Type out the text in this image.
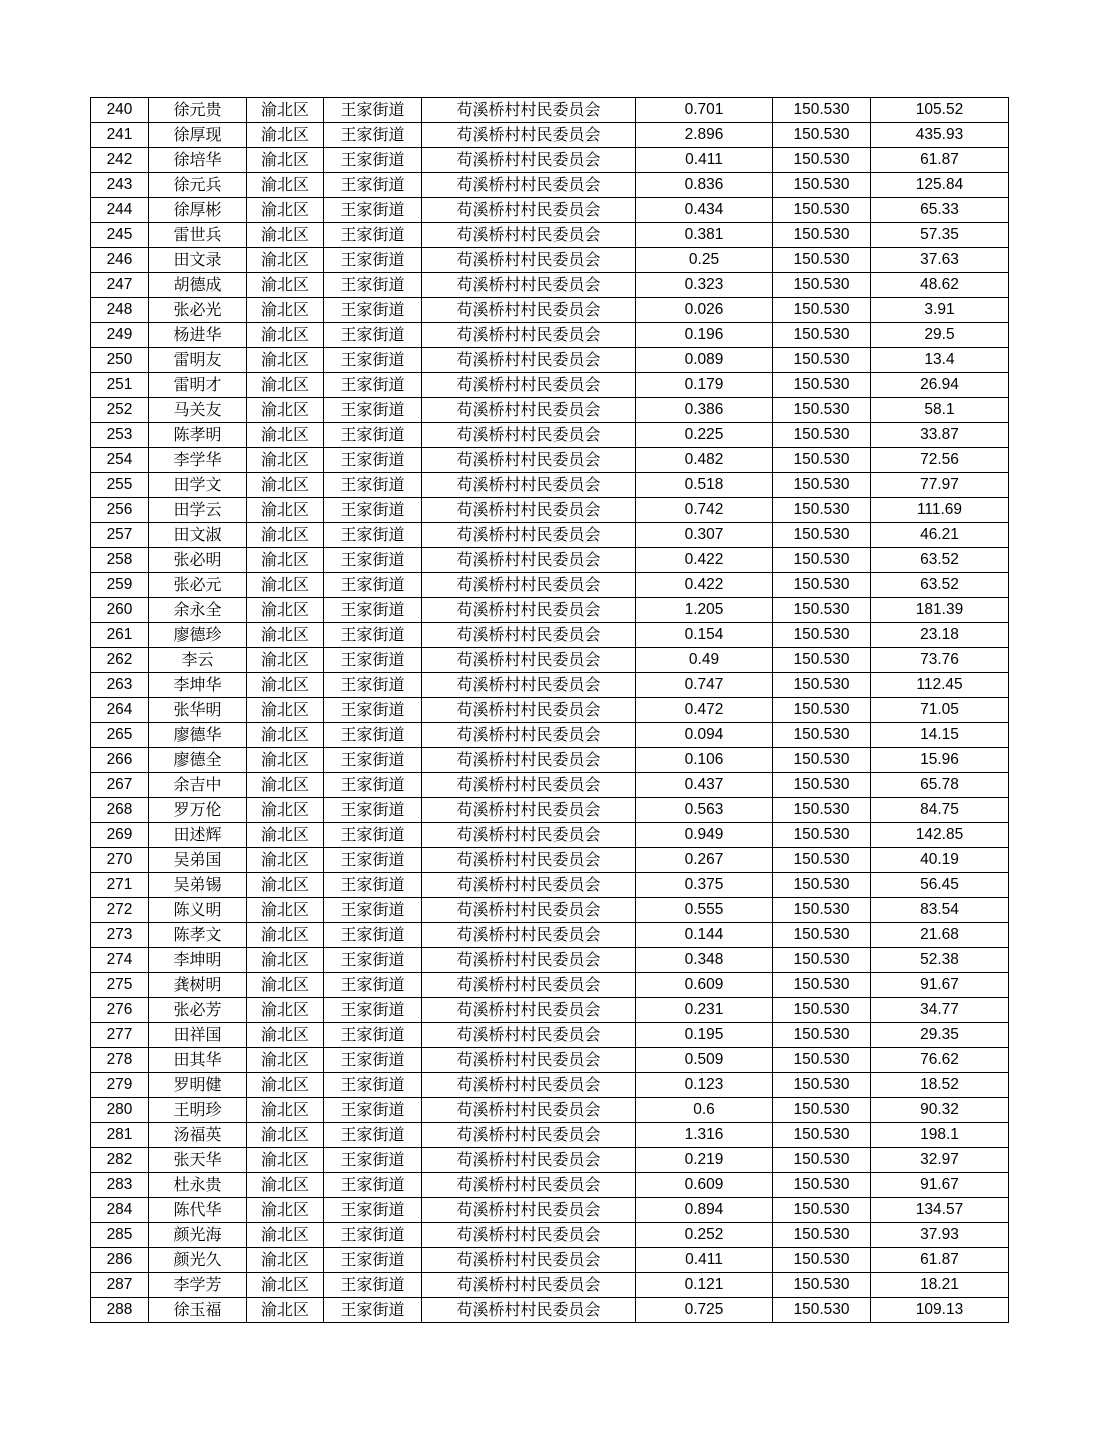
240	徐元贵	渝北区	王家街道	苟溪桥村村民委员会	0.701	150.530	105.52
241	徐厚现	渝北区	王家街道	苟溪桥村村民委员会	2.896	150.530	435.93
242	徐培华	渝北区	王家街道	苟溪桥村村民委员会	0.411	150.530	61.87
243	徐元兵	渝北区	王家街道	苟溪桥村村民委员会	0.836	150.530	125.84
244	徐厚彬	渝北区	王家街道	苟溪桥村村民委员会	0.434	150.530	65.33
245	雷世兵	渝北区	王家街道	苟溪桥村村民委员会	0.381	150.530	57.35
246	田文录	渝北区	王家街道	苟溪桥村村民委员会	0.25	150.530	37.63
247	胡德成	渝北区	王家街道	苟溪桥村村民委员会	0.323	150.530	48.62
248	张必光	渝北区	王家街道	苟溪桥村村民委员会	0.026	150.530	3.91
249	杨进华	渝北区	王家街道	苟溪桥村村民委员会	0.196	150.530	29.5
250	雷明友	渝北区	王家街道	苟溪桥村村民委员会	0.089	150.530	13.4
251	雷明才	渝北区	王家街道	苟溪桥村村民委员会	0.179	150.530	26.94
252	马关友	渝北区	王家街道	苟溪桥村村民委员会	0.386	150.530	58.1
253	陈孝明	渝北区	王家街道	苟溪桥村村民委员会	0.225	150.530	33.87
254	李学华	渝北区	王家街道	苟溪桥村村民委员会	0.482	150.530	72.56
255	田学文	渝北区	王家街道	苟溪桥村村民委员会	0.518	150.530	77.97
256	田学云	渝北区	王家街道	苟溪桥村村民委员会	0.742	150.530	111.69
257	田文淑	渝北区	王家街道	苟溪桥村村民委员会	0.307	150.530	46.21
258	张必明	渝北区	王家街道	苟溪桥村村民委员会	0.422	150.530	63.52
259	张必元	渝北区	王家街道	苟溪桥村村民委员会	0.422	150.530	63.52
260	余永全	渝北区	王家街道	苟溪桥村村民委员会	1.205	150.530	181.39
261	廖德珍	渝北区	王家街道	苟溪桥村村民委员会	0.154	150.530	23.18
262	李云	渝北区	王家街道	苟溪桥村村民委员会	0.49	150.530	73.76
263	李坤华	渝北区	王家街道	苟溪桥村村民委员会	0.747	150.530	112.45
264	张华明	渝北区	王家街道	苟溪桥村村民委员会	0.472	150.530	71.05
265	廖德华	渝北区	王家街道	苟溪桥村村民委员会	0.094	150.530	14.15
266	廖德全	渝北区	王家街道	苟溪桥村村民委员会	0.106	150.530	15.96
267	余吉中	渝北区	王家街道	苟溪桥村村民委员会	0.437	150.530	65.78
268	罗万伦	渝北区	王家街道	苟溪桥村村民委员会	0.563	150.530	84.75
269	田述辉	渝北区	王家街道	苟溪桥村村民委员会	0.949	150.530	142.85
270	吴弟国	渝北区	王家街道	苟溪桥村村民委员会	0.267	150.530	40.19
271	吴弟锡	渝北区	王家街道	苟溪桥村村民委员会	0.375	150.530	56.45
272	陈义明	渝北区	王家街道	苟溪桥村村民委员会	0.555	150.530	83.54
273	陈孝文	渝北区	王家街道	苟溪桥村村民委员会	0.144	150.530	21.68
274	李坤明	渝北区	王家街道	苟溪桥村村民委员会	0.348	150.530	52.38
275	龚树明	渝北区	王家街道	苟溪桥村村民委员会	0.609	150.530	91.67
276	张必芳	渝北区	王家街道	苟溪桥村村民委员会	0.231	150.530	34.77
277	田祥国	渝北区	王家街道	苟溪桥村村民委员会	0.195	150.530	29.35
278	田其华	渝北区	王家街道	苟溪桥村村民委员会	0.509	150.530	76.62
279	罗明健	渝北区	王家街道	苟溪桥村村民委员会	0.123	150.530	18.52
280	王明珍	渝北区	王家街道	苟溪桥村村民委员会	0.6	150.530	90.32
281	汤福英	渝北区	王家街道	苟溪桥村村民委员会	1.316	150.530	198.1
282	张天华	渝北区	王家街道	苟溪桥村村民委员会	0.219	150.530	32.97
283	杜永贵	渝北区	王家街道	苟溪桥村村民委员会	0.609	150.530	91.67
284	陈代华	渝北区	王家街道	苟溪桥村村民委员会	0.894	150.530	134.57
285	颜光海	渝北区	王家街道	苟溪桥村村民委员会	0.252	150.530	37.93
286	颜光久	渝北区	王家街道	苟溪桥村村民委员会	0.411	150.530	61.87
287	李学芳	渝北区	王家街道	苟溪桥村村民委员会	0.121	150.530	18.21
288	徐玉福	渝北区	王家街道	苟溪桥村村民委员会	0.725	150.530	109.13
